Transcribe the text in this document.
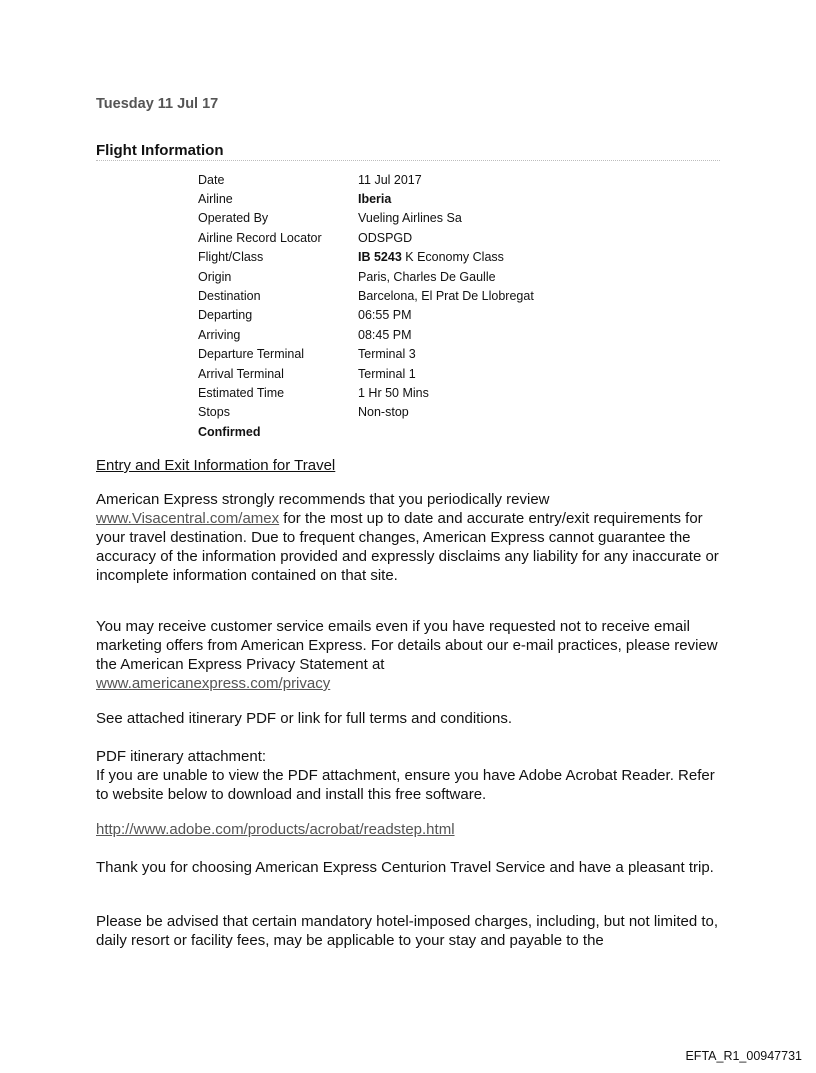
Tuesday 11 Jul 17
Flight Information
Date	11 Jul 2017
Airline	Iberia
Operated By	Vueling Airlines Sa
Airline Record Locator	ODSPGD
Flight/Class	IB 5243 K Economy Class
Origin	Paris, Charles De Gaulle
Destination	Barcelona, El Prat De Llobregat
Departing	06:55 PM
Arriving	08:45 PM
Departure Terminal	Terminal 3
Arrival Terminal	Terminal 1
Estimated Time	1 Hr 50 Mins
Stops	Non-stop
Confirmed	

Entry and Exit Information for Travel

American Express strongly recommends that you periodically review
www.Visacentral.com/amex for the most up to date and accurate entry/exit requirements for your travel destination. Due to frequent changes, American Express cannot guarantee the accuracy of the information provided and expressly disclaims any liability for any inaccurate or incomplete information contained on that site.

You may receive customer service emails even if you have requested not to receive email marketing offers from American Express. For details about our e-mail practices, please review the American Express Privacy Statement at
www.americanexpress.com/privacy

See attached itinerary PDF or link for full terms and conditions.

PDF itinerary attachment:

If you are unable to view the PDF attachment, ensure you have Adobe Acrobat Reader. Refer to website below to download and install this free software.

http://www.adobe.com/products/acrobat/readstep.html
Thank you for choosing American Express Centurion Travel Service and have a pleasant trip.
Please be advised that certain mandatory hotel-imposed charges, including, but not limited to, daily resort or facility fees, may be applicable to your stay and payable to the
EFTA_R1_00947731
